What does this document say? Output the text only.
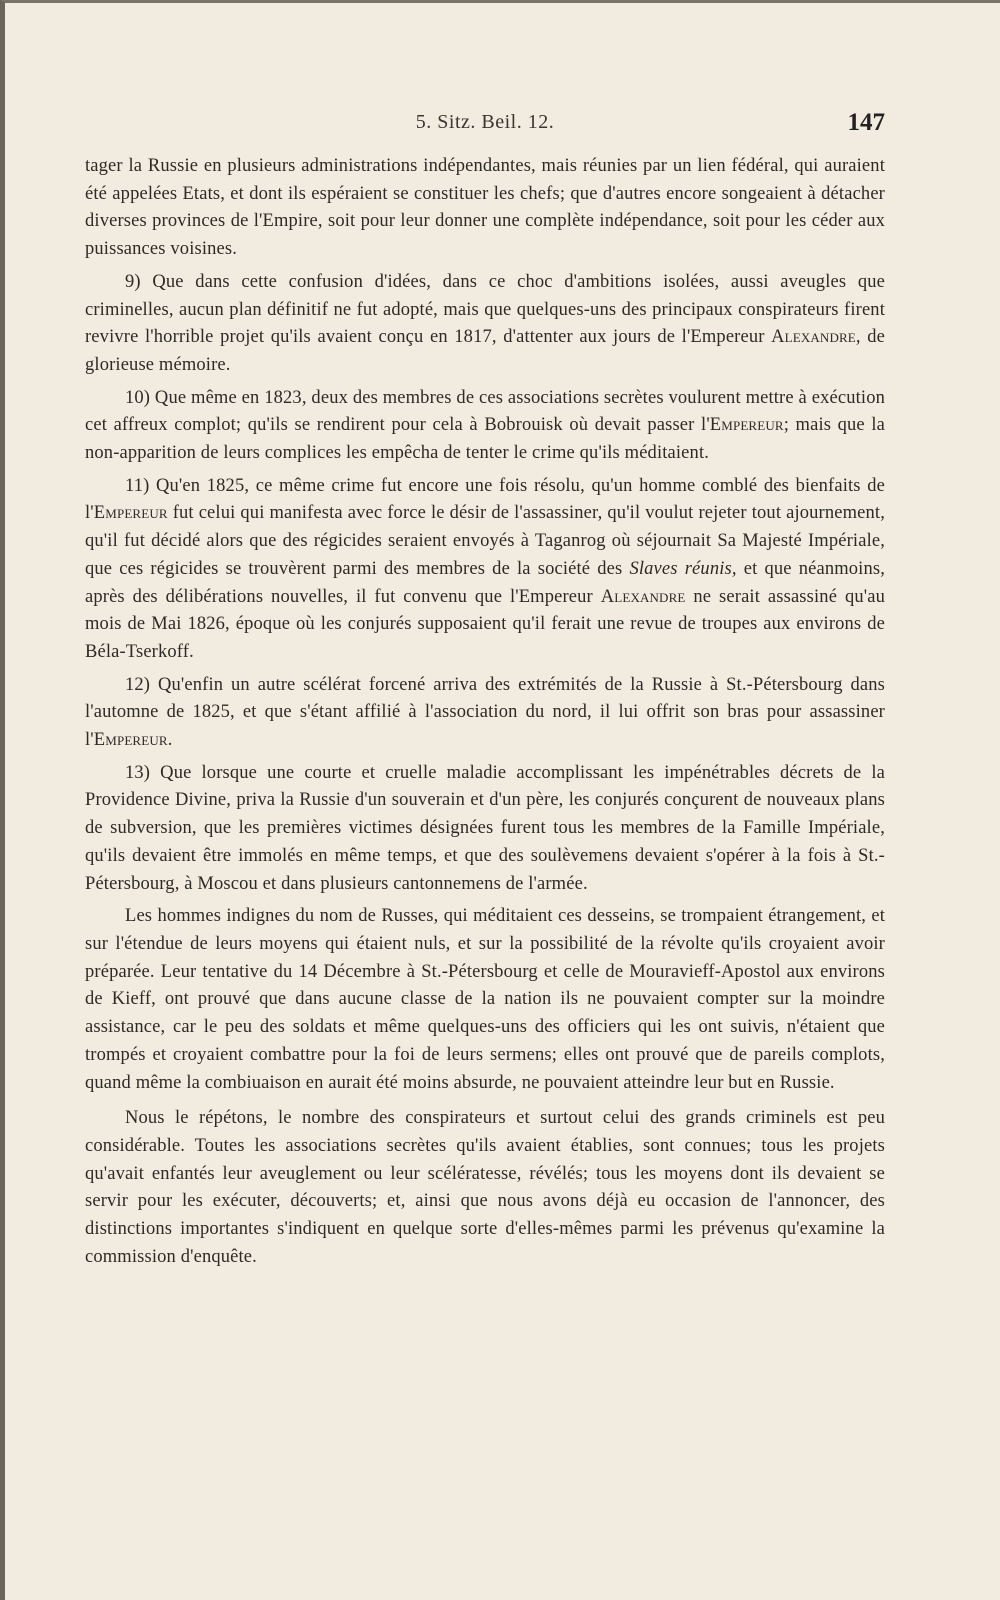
5. Sitz. Beil. 12.	147

tager la Russie en plusieurs administrations indépendantes, mais réunies par un lien fédéral, qui auraient été appelées Etats, et dont ils espéraient se constituer les chefs; que d'autres encore songeaient à détacher diverses provinces de l'Empire, soit pour leur donner une complète indépendance, soit pour les céder aux puissances voisines.

9) Que dans cette confusion d'idées, dans ce choc d'ambitions isolées, aussi aveugles que criminelles, aucun plan définitif ne fut adopté, mais que quelques-uns des principaux conspirateurs firent revivre l'horrible projet qu'ils avaient conçu en 1817, d'attenter aux jours de l'Empereur Alexandre, de glorieuse mémoire.

10) Que même en 1823, deux des membres de ces associations secrètes voulurent mettre à exécution cet affreux complot; qu'ils se rendirent pour cela à Bobrouisk où devait passer l'Empereur; mais que la non-apparition de leurs complices les empêcha de tenter le crime qu'ils méditaient.

11) Qu'en 1825, ce même crime fut encore une fois résolu, qu'un homme comblé des bienfaits de l'Empereur fut celui qui manifesta avec force le désir de l'assassiner, qu'il voulut rejeter tout ajournement, qu'il fut décidé alors que des régicides seraient envoyés à Taganrog où séjournait Sa Majesté Impériale, que ces régicides se trouvèrent parmi des membres de la société des Slaves réunis, et que néanmoins, après des délibérations nouvelles, il fut convenu que l'Empereur Alexandre ne serait assassiné qu'au mois de Mai 1826, époque où les conjurés supposaient qu'il ferait une revue de troupes aux environs de Béla-Tserkoff.

12) Qu'enfin un autre scélérat forcené arriva des extrémités de la Russie à St.-Pétersbourg dans l'automne de 1825, et que s'étant affilié à l'association du nord, il lui offrit son bras pour assassiner l'Empereur.

13) Que lorsque une courte et cruelle maladie accomplissant les impénétrables décrets de la Providence Divine, priva la Russie d'un souverain et d'un père, les conjurés conçurent de nouveaux plans de subversion, que les premières victimes désignées furent tous les membres de la Famille Impériale, qu'ils devaient être immolés en même temps, et que des soulèvemens devaient s'opérer à la fois à St.-Pétersbourg, à Moscou et dans plusieurs cantonnemens de l'armée.

Les hommes indignes du nom de Russes, qui méditaient ces desseins, se trompaient étrangement, et sur l'étendue de leurs moyens qui étaient nuls, et sur la possibilité de la révolte qu'ils croyaient avoir préparée. Leur tentative du 14 Décembre à St.-Pétersbourg et celle de Mouravieff-Apostol aux environs de Kieff, ont prouvé que dans aucune classe de la nation ils ne pouvaient compter sur la moindre assistance, car le peu des soldats et même quelques-uns des officiers qui les ont suivis, n'étaient que trompés et croyaient combattre pour la foi de leurs sermens; elles ont prouvé que de pareils complots, quand même la combiuaison en aurait été moins absurde, ne pouvaient atteindre leur but en Russie.

Nous le répétons, le nombre des conspirateurs et surtout celui des grands criminels est peu considérable. Toutes les associations secrètes qu'ils avaient établies, sont connues; tous les projets qu'avait enfantés leur aveuglement ou leur scélératesse, révélés; tous les moyens dont ils devaient se servir pour les exécuter, découverts; et, ainsi que nous avons déjà eu occasion de l'annoncer, des distinctions importantes s'indiquent en quelque sorte d'elles-mêmes parmi les prévenus qu'examine la commission d'enquête.
